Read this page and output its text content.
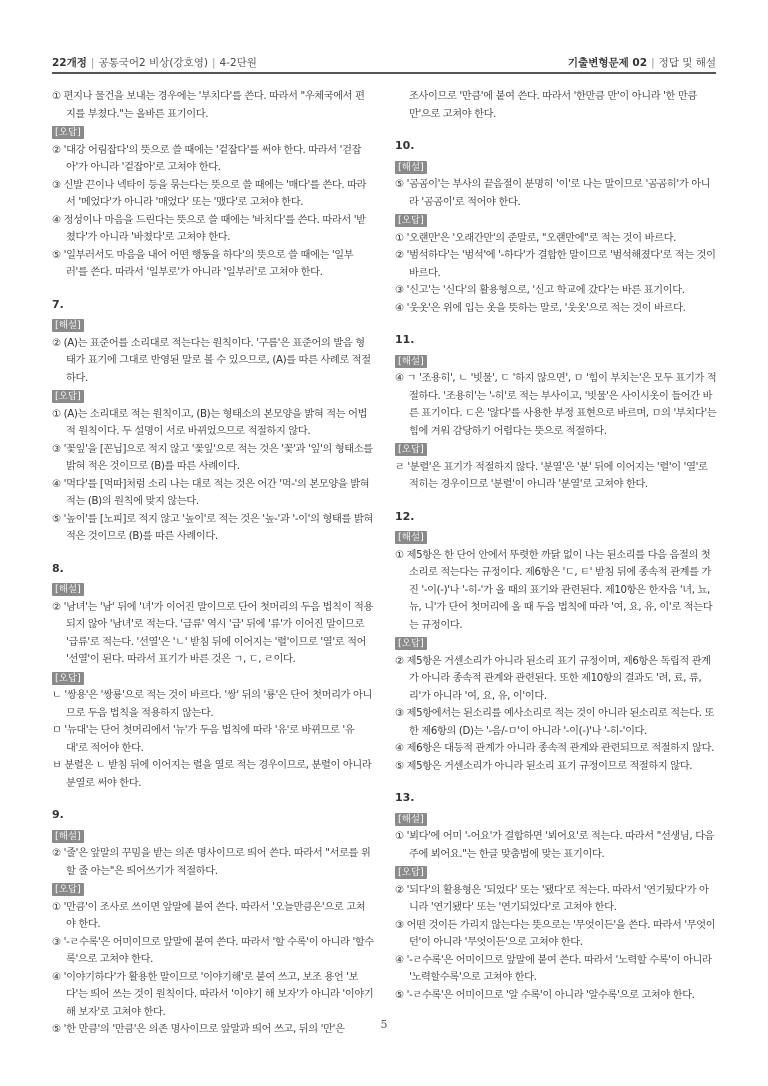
22개정 | 공통국어2 비상(강호영) | 4-2단원	기출변형문제 02 | 정답 및 해설
① 편지나 물건을 보내는 경우에는 '부치다'를 쓴다. 따라서 "우체국에서 편지를 부쳤다."는 올바른 표기이다.
[오답]
② '대강 어림잡다'의 뜻으로 쓸 때에는 '겉잡다'를 써야 한다. 따라서 '걷잡아'가 아니라 '겉잡아'로 고쳐야 한다.
③ 신발 끈이나 넥타이 등을 묶는다는 뜻으로 쓸 때에는 '매다'를 쓴다. 따라서 '메었다'가 아니라 '매었다' 또는 '맸다'로 고쳐야 한다.
④ 정성이나 마음을 드린다는 뜻으로 쓸 때에는 '바치다'를 쓴다. 따라서 '받쳤다'가 아니라 '바쳤다'로 고쳐야 한다.
⑤ '일부러서도 마음을 내어 어떤 행동을 하다'의 뜻으로 쓸 때에는 '일부러'를 쓴다. 따라서 '일부로'가 아니라 '일부러'로 고쳐야 한다.
7.
[해설]
② (A)는 표준어를 소리대로 적는다는 원칙이다. '구름'은 표준어의 발음 형태가 표기에 그대로 반영된 말로 볼 수 있으므로, (A)를 따른 사례로 적절하다.
[오답]
① (A)는 소리대로 적는 원칙이고, (B)는 형태소의 본모양을 밝혀 적는 어법적 원칙이다. 두 설명이 서로 바뀌었으므로 적절하지 않다.
③ '꽃잎'을 [꼰닙]으로 적지 않고 '꽃잎'으로 적는 것은 '꽃'과 '잎'의 형태소를 밝혀 적은 것이므로 (B)를 따른 사례이다.
④ '먹다'를 [먹따]처럼 소리 나는 대로 적는 것은 어간 '먹-'의 본모양을 밝혀 적는 (B)의 원칙에 맞지 않는다.
⑤ '높이'를 [노피]로 적지 않고 '높이'로 적는 것은 '높-'과 '-이'의 형태를 밝혀 적은 것이므로 (B)를 따른 사례이다.
8.
[해설]
② '남녀'는 '남' 뒤에 '녀'가 이어진 말이므로 단어 첫머리의 두음 법칙이 적용되지 않아 '남녀'로 적는다. '급류' 역시 '급' 뒤에 '류'가 이어진 말이므로 '급류'로 적는다. '선열'은 'ㄴ' 받침 뒤에 이어지는 '렬'이므로 '열'로 적어 '선열'이 된다. 따라서 표기가 바른 것은 ㄱ, ㄷ, ㄹ이다.
[오답]
ㄴ '쌍용'은 '쌍룡'으로 적는 것이 바르다. '쌍' 뒤의 '룡'은 단어 첫머리가 아니므로 두음 법칙을 적용하지 않는다.
ㅁ '뉴대'는 단어 첫머리에서 '뉴'가 두음 법칙에 따라 '유'로 바뀌므로 '유대'로 적어야 한다.
ㅂ 분렬은 ㄴ 받침 뒤에 이어지는 렬을 열로 적는 경우이므로, 분렬이 아니라 분열로 써야 한다.
9.
[해설]
② '줄'은 앞말의 꾸밈을 받는 의존 명사이므로 띄어 쓴다. 따라서 "서로를 위할 줄 아는"은 띄어쓰기가 적절하다.
[오답]
① '만큼'이 조사로 쓰이면 앞말에 붙여 쓴다. 따라서 '오늘만큼은'으로 고쳐야 한다.
③ '-ㄹ수록'은 어미이므로 앞말에 붙여 쓴다. 따라서 '할 수록'이 아니라 '할수록'으로 고쳐야 한다.
④ '이야기하다'가 활용한 말이므로 '이야기해'로 붙여 쓰고, 보조 용언 '보다'는 띄어 쓰는 것이 원칙이다. 따라서 '이야기 해 보자'가 아니라 '이야기해 보자'로 고쳐야 한다.
⑤ '한 만큼'의 '만큼'은 의존 명사이므로 앞말과 띄어 쓰고, 뒤의 '만'은
조사이므로 '만큼'에 붙여 쓴다. 따라서 '한만큼 만'이 아니라 '한 만큼만'으로 고쳐야 한다.
10.
[해설]
⑤ '곰곰이'는 부사의 끝음절이 분명히 '이'로 나는 말이므로 '곰곰히'가 아니라 '곰곰이'로 적어야 한다.
[오답]
① '오랜만'은 '오래간만'의 준말로, "오랜만에"로 적는 것이 바르다.
② '범석하다'는 '범석'에 '-하다'가 결합한 말이므로 '범석해졌다'로 적는 것이 바르다.
③ '신고'는 '신다'의 활용형으로, '신고 학교에 갔다'는 바른 표기이다.
④ '웃옷'은 위에 입는 옷을 뜻하는 말로, '웃옷'으로 적는 것이 바르다.
11.
[해설]
④ ㄱ '조용히', ㄴ '빗물', ㄷ '하지 않으면', ㅁ '힘이 부치는'은 모두 표기가 적절하다. '조용히'는 '-히'로 적는 부사이고, '빗물'은 사이시옷이 들어간 바른 표기이다. ㄷ은 '않다'를 사용한 부정 표현으로 바르며, ㅁ의 '부치다'는 힘에 겨워 감당하기 어렵다는 뜻으로 적절하다.
[오답]
ㄹ '분렬'은 표기가 적절하지 않다. '분열'은 '분' 뒤에 이어지는 '렬'이 '열'로 적히는 경우이므로 '분렬'이 아니라 '분열'로 고쳐야 한다.
12.
[해설]
① 제5항은 한 단어 안에서 뚜렷한 까닭 없이 나는 된소리를 다음 음절의 첫소리로 적는다는 규정이다. 제6항은 'ㄷ, ㅌ' 받침 뒤에 종속적 관계를 가진 '-이(-)'나 '-히-'가 올 때의 표기와 관련된다. 제10항은 한자음 '녀, 뇨, 뉴, 니'가 단어 첫머리에 올 때 두음 법칙에 따라 '여, 요, 유, 이'로 적는다는 규정이다.
[오답]
② 제5항은 거센소리가 아니라 된소리 표기 규정이며, 제6항은 독립적 관계가 아니라 종속적 관계와 관련된다. 또한 제10항의 결과도 '려, 료, 류, 리'가 아니라 '여, 요, 유, 이'이다.
③ 제5항에서는 된소리를 예사소리로 적는 것이 아니라 된소리로 적는다. 또한 제6항의 (D)는 '-음/-ㅁ'이 아니라 '-이(-)'나 '-히-'이다.
④ 제6항은 대등적 관계가 아니라 종속적 관계와 관련되므로 적절하지 않다.
⑤ 제5항은 거센소리가 아니라 된소리 표기 규정이므로 적절하지 않다.
13.
[해설]
① '뵈다'에 어미 '-어요'가 결합하면 '뵈어요'로 적는다. 따라서 "선생님, 다음 주에 뵈어요."는 한글 맞춤법에 맞는 표기이다.
[오답]
② '되다'의 활용형은 '되었다' 또는 '됐다'로 적는다. 따라서 '연기됬다'가 아니라 '연기됐다' 또는 '연기되었다'로 고쳐야 한다.
③ 어떤 것이든 가리지 않는다는 뜻으로는 '무엇이든'을 쓴다. 따라서 '무엇이던'이 아니라 '무엇이든'으로 고쳐야 한다.
④ '-ㄹ수록'은 어미이므로 앞말에 붙여 쓴다. 따라서 '노력할 수록'이 아니라 '노력할수록'으로 고쳐야 한다.
⑤ '-ㄹ수록'은 어미이므로 '알 수록'이 아니라 '알수록'으로 고쳐야 한다.
5
